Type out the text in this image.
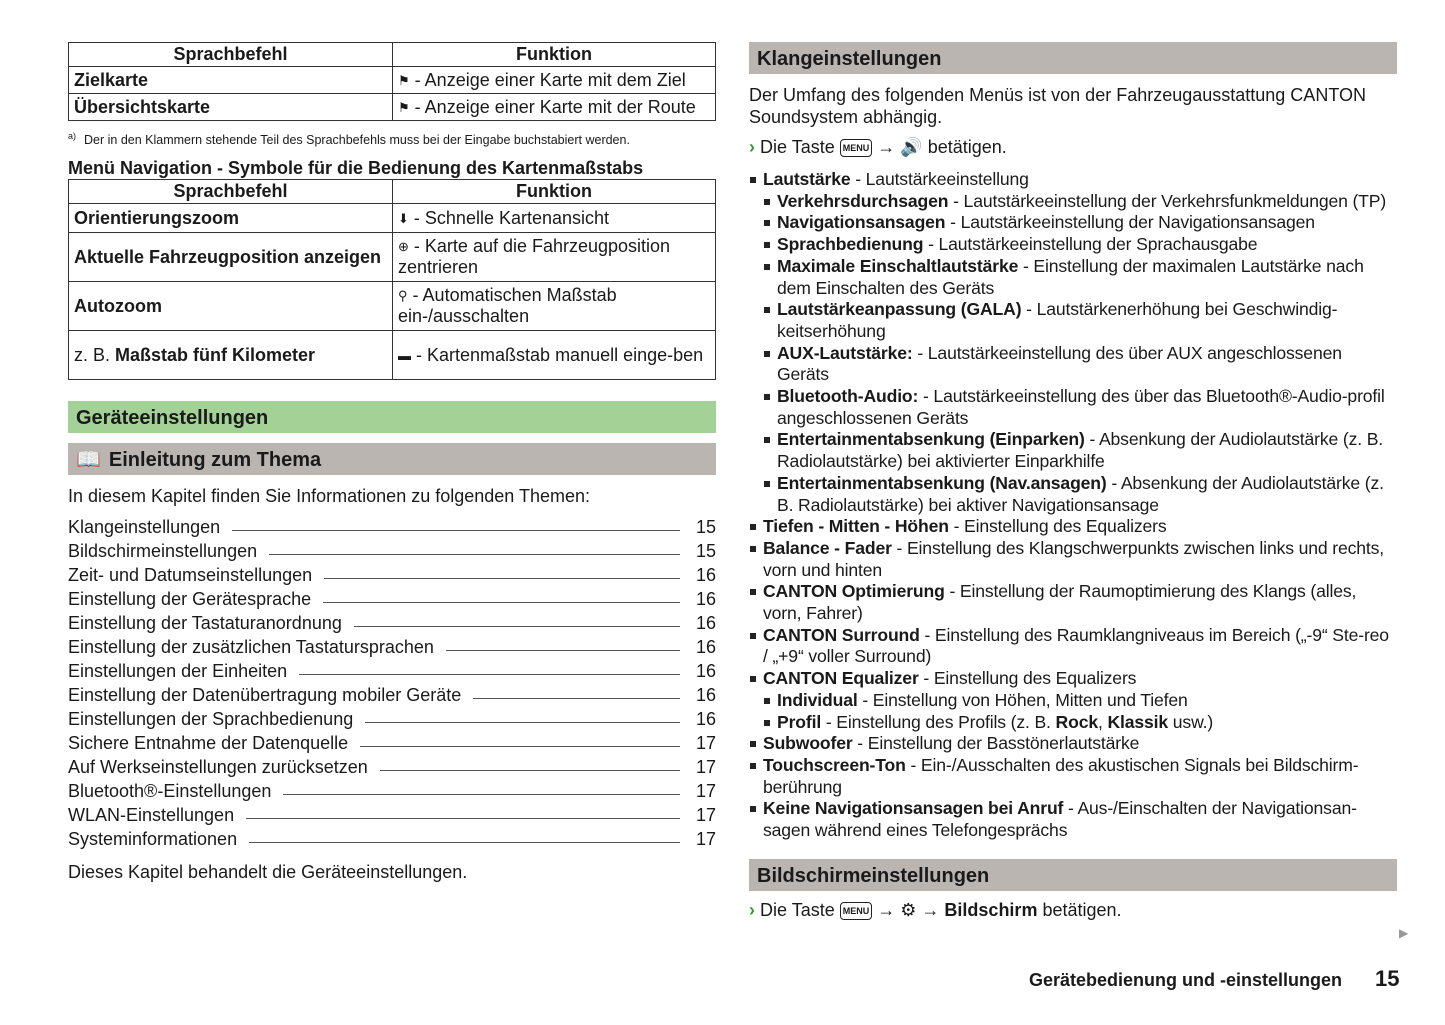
Sprachbefehl	Funktion
Zielkarte	⚑ - Anzeige einer Karte mit dem Ziel
Übersichtskarte	⚑ - Anzeige einer Karte mit der Route
$^{a)}$ Der in den Klammern stehende Teil des Sprachbefehls muss bei der Eingabe buchstabiert werden.
Menü Navigation - Symbole für die Bedienung des Kartenmaßstabs
Sprachbefehl	Funktion
Orientierungszoom	⬇ - Schnelle Kartenansicht
Aktuelle Fahrzeugposition anzeigen	⊕ - Karte auf die Fahrzeugposition zentrieren
Autozoom	⚲ - Automatischen Maßstab ein-/ausschalten
z. B. Maßstab fünf Kilometer	▬ - Kartenmaßstab manuell einge-ben
Geräteeinstellungen
📖 Einleitung zum Thema
In diesem Kapitel finden Sie Informationen zu folgenden Themen:
Klangeinstellungen	15
Bildschirmeinstellungen	15
Zeit- und Datumseinstellungen	16
Einstellung der Gerätesprache	16
Einstellung der Tastaturanordnung	16
Einstellung der zusätzlichen Tastatursprachen	16
Einstellungen der Einheiten	16
Einstellung der Datenübertragung mobiler Geräte	16
Einstellungen der Sprachbedienung	16
Sichere Entnahme der Datenquelle	17
Auf Werkseinstellungen zurücksetzen	17
Bluetooth®-Einstellungen	17
WLAN-Einstellungen	17
Systeminformationen	17
Dieses Kapitel behandelt die Geräteeinstellungen.
Klangeinstellungen
Der Umfang des folgenden Menüs ist von der Fahrzeugausstattung CANTON Soundsystem abhängig.
› Die Taste MENU → 🔊 betätigen.
Lautstärke - Lautstärkeeinstellung
Verkehrsdurchsagen - Lautstärkeeinstellung der Verkehrsfunkmeldungen (TP)
Navigationsansagen - Lautstärkeeinstellung der Navigationsansagen
Sprachbedienung - Lautstärkeeinstellung der Sprachausgabe
Maximale Einschaltlautstärke - Einstellung der maximalen Lautstärke nach dem Einschalten des Geräts
Lautstärkeanpassung (GALA) - Lautstärkenerhöhung bei Geschwindig-keitserhöhung
AUX-Lautstärke: - Lautstärkeeinstellung des über AUX angeschlossenen Geräts
Bluetooth-Audio: - Lautstärkeeinstellung des über das Bluetooth®-Audio-profil angeschlossenen Geräts
Entertainmentabsenkung (Einparken) - Absenkung der Audiolautstärke (z. B. Radiolautstärke) bei aktivierter Einparkhilfe
Entertainmentabsenkung (Nav.ansagen) - Absenkung der Audiolautstärke (z. B. Radiolautstärke) bei aktiver Navigationsansage
Tiefen - Mitten - Höhen - Einstellung des Equalizers
Balance - Fader - Einstellung des Klangschwerpunkts zwischen links und rechts, vorn und hinten
CANTON Optimierung - Einstellung der Raumoptimierung des Klangs (alles, vorn, Fahrer)
CANTON Surround - Einstellung des Raumklangniveaus im Bereich („-9“ Ste-reo / „+9“ voller Surround)
CANTON Equalizer - Einstellung des Equalizers
Individual - Einstellung von Höhen, Mitten und Tiefen
Profil - Einstellung des Profils (z. B. Rock, Klassik usw.)
Subwoofer - Einstellung der Basstönerlautstärke
Touchscreen-Ton - Ein-/Ausschalten des akustischen Signals bei Bildschirm-berührung
Keine Navigationsansagen bei Anruf - Aus-/Einschalten der Navigationsan-sagen während eines Telefongesprächs
Bildschirmeinstellungen
› Die Taste MENU → ⚙ → Bildschirm betätigen.
▶
Gerätebedienung und -einstellungen 15
